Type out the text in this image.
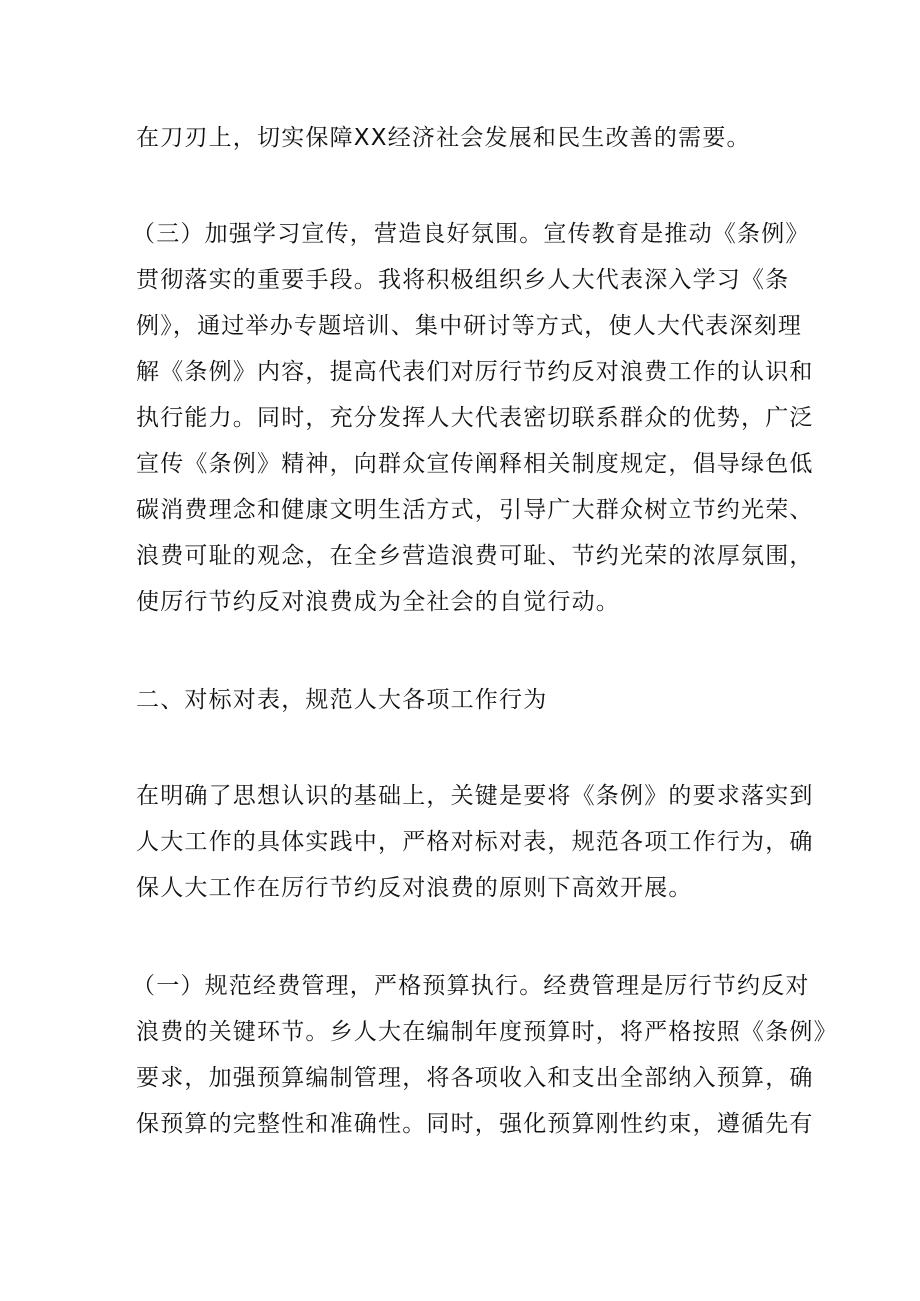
在刀刃上，切实保障XX经济社会发展和民生改善的需要。
（三）加强学习宣传，营造良好氛围。宣传教育是推动《条例》
贯彻落实的重要手段。我将积极组织乡人大代表深入学习《条
例》，通过举办专题培训、集中研讨等方式，使人大代表深刻理
解《条例》内容，提高代表们对厉行节约反对浪费工作的认识和
执行能力。同时，充分发挥人大代表密切联系群众的优势，广泛
宣传《条例》精神，向群众宣传阐释相关制度规定，倡导绿色低
碳消费理念和健康文明生活方式，引导广大群众树立节约光荣、
浪费可耻的观念，在全乡营造浪费可耻、节约光荣的浓厚氛围，
使厉行节约反对浪费成为全社会的自觉行动。
二、对标对表，规范人大各项工作行为
在明确了思想认识的基础上，关键是要将《条例》的要求落实到
人大工作的具体实践中，严格对标对表，规范各项工作行为，确
保人大工作在厉行节约反对浪费的原则下高效开展。
（一）规范经费管理，严格预算执行。经费管理是厉行节约反对
浪费的关键环节。乡人大在编制年度预算时，将严格按照《条例》
要求，加强预算编制管理，将各项收入和支出全部纳入预算，确
保预算的完整性和准确性。同时，强化预算刚性约束，遵循先有
